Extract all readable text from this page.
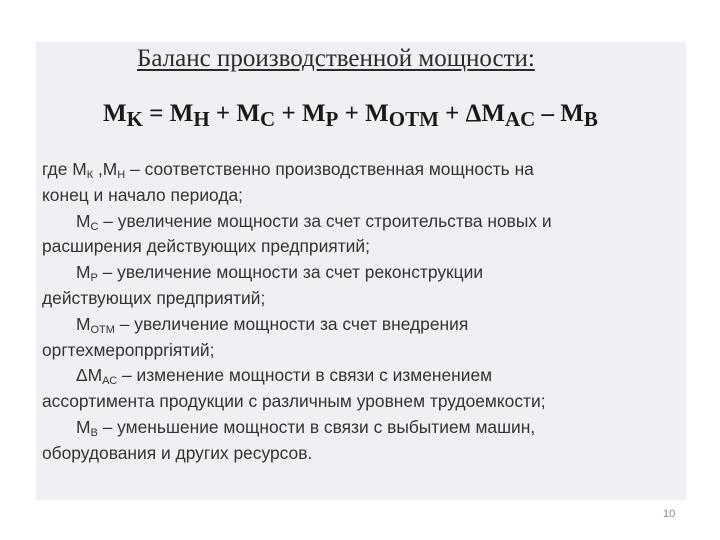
Баланс производственной мощности:
$M_K = M_H + M_C + M_P + M_{OTM} + \Delta M_{AC} - M_B$
где $М_К$ $,М_Н$ – соответственно производственная мощность на
конец и начало периода;
$М_С$ – увеличение мощности за счет строительства новых и
расширения действующих предприятий;
$М_Р$ – увеличение мощности за счет реконструкции
действующих предприятий;
$М_{ОТМ}$ – увеличение мощности за счет внедрения
оргтехмеропрpriятий;
$\Delta М_{АС}$ – изменение мощности в связи с изменением
ассортимента продукции с различным уровнем трудоемкости;
$М_В$ – уменьшение мощности в связи с выбытием машин,
оборудования и других ресурсов.
10
